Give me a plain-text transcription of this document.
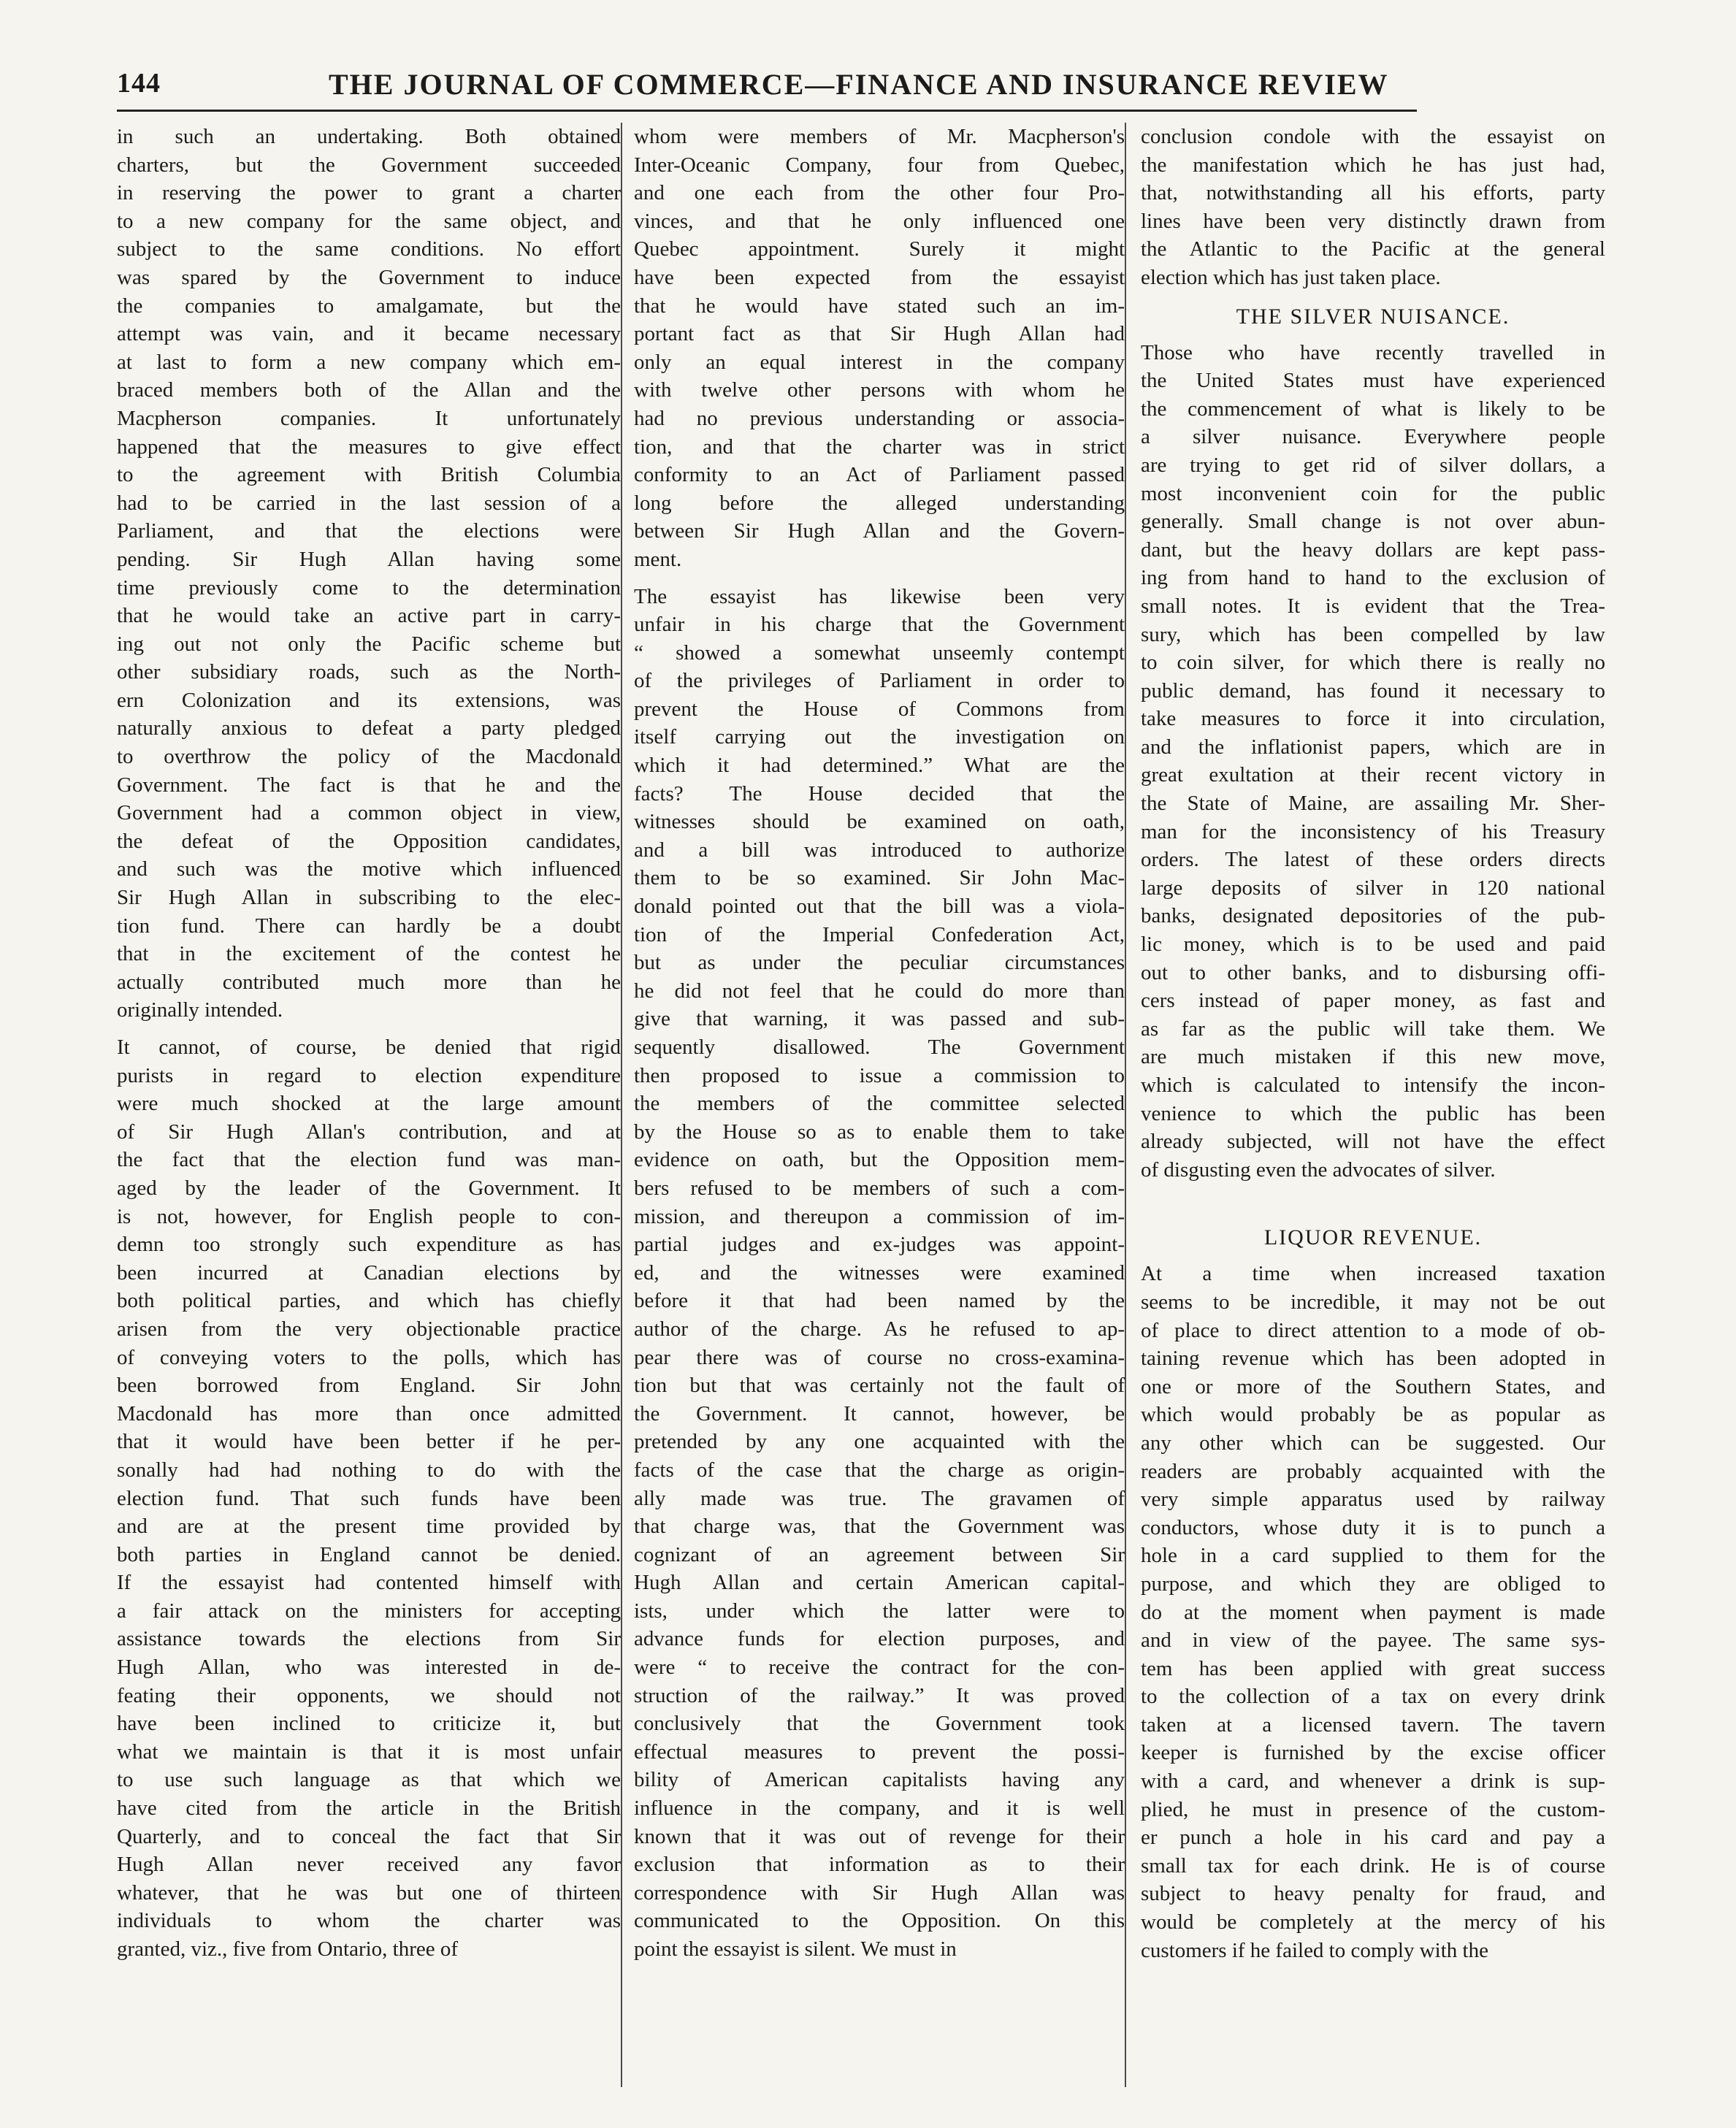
144	THE JOURNAL OF COMMERCE—FINANCE AND INSURANCE REVIEW
in such an undertaking. Both obtained
charters, but the Government succeeded
in reserving the power to grant a charter
to a new company for the same object, and
subject to the same conditions. No effort
was spared by the Government to induce
the companies to amalgamate, but the
attempt was vain, and it became necessary
at last to form a new company which em-
braced members both of the Allan and the
Macpherson companies. It unfortunately
happened that the measures to give effect
to the agreement with British Columbia
had to be carried in the last session of a
Parliament, and that the elections were
pending. Sir Hugh Allan having some
time previously come to the determination
that he would take an active part in carry-
ing out not only the Pacific scheme but
other subsidiary roads, such as the North-
ern Colonization and its extensions, was
naturally anxious to defeat a party pledged
to overthrow the policy of the Macdonald
Government. The fact is that he and the
Government had a common object in view,
the defeat of the Opposition candidates,
and such was the motive which influenced
Sir Hugh Allan in subscribing to the elec-
tion fund. There can hardly be a doubt
that in the excitement of the contest he
actually contributed much more than he
originally intended.
It cannot, of course, be denied that rigid
purists in regard to election expenditure
were much shocked at the large amount
of Sir Hugh Allan's contribution, and at
the fact that the election fund was man-
aged by the leader of the Government. It
is not, however, for English people to con-
demn too strongly such expenditure as has
been incurred at Canadian elections by
both political parties, and which has chiefly
arisen from the very objectionable practice
of conveying voters to the polls, which has
been borrowed from England. Sir John
Macdonald has more than once admitted
that it would have been better if he per-
sonally had had nothing to do with the
election fund. That such funds have been
and are at the present time provided by
both parties in England cannot be denied.
If the essayist had contented himself with
a fair attack on the ministers for accepting
assistance towards the elections from Sir
Hugh Allan, who was interested in de-
feating their opponents, we should not
have been inclined to criticize it, but
what we maintain is that it is most unfair
to use such language as that which we
have cited from the article in the British
Quarterly, and to conceal the fact that Sir
Hugh Allan never received any favor
whatever, that he was but one of thirteen
individuals to whom the charter was
granted, viz., five from Ontario, three of
whom were members of Mr. Macpherson's
Inter-Oceanic Company, four from Quebec,
and one each from the other four Pro-
vinces, and that he only influenced one
Quebec appointment. Surely it might
have been expected from the essayist
that he would have stated such an im-
portant fact as that Sir Hugh Allan had
only an equal interest in the company
with twelve other persons with whom he
had no previous understanding or associa-
tion, and that the charter was in strict
conformity to an Act of Parliament passed
long before the alleged understanding
between Sir Hugh Allan and the Govern-
ment.
The essayist has likewise been very
unfair in his charge that the Government
“ showed a somewhat unseemly contempt
of the privileges of Parliament in order to
prevent the House of Commons from
itself carrying out the investigation on
which it had determined.” What are the
facts? The House decided that the
witnesses should be examined on oath,
and a bill was introduced to authorize
them to be so examined. Sir John Mac-
donald pointed out that the bill was a viola-
tion of the Imperial Confederation Act,
but as under the peculiar circumstances
he did not feel that he could do more than
give that warning, it was passed and sub-
sequently disallowed. The Government
then proposed to issue a commission to
the members of the committee selected
by the House so as to enable them to take
evidence on oath, but the Opposition mem-
bers refused to be members of such a com-
mission, and thereupon a commission of im-
partial judges and ex-judges was appoint-
ed, and the witnesses were examined
before it that had been named by the
author of the charge. As he refused to ap-
pear there was of course no cross-examina-
tion but that was certainly not the fault of
the Government. It cannot, however, be
pretended by any one acquainted with the
facts of the case that the charge as origin-
ally made was true. The gravamen of
that charge was, that the Government was
cognizant of an agreement between Sir
Hugh Allan and certain American capital-
ists, under which the latter were to
advance funds for election purposes, and
were “ to receive the contract for the con-
struction of the railway.” It was proved
conclusively that the Government took
effectual measures to prevent the possi-
bility of American capitalists having any
influence in the company, and it is well
known that it was out of revenge for their
exclusion that information as to their
correspondence with Sir Hugh Allan was
communicated to the Opposition. On this
point the essayist is silent. We must in
conclusion condole with the essayist on
the manifestation which he has just had,
that, notwithstanding all his efforts, party
lines have been very distinctly drawn from
the Atlantic to the Pacific at the general
election which has just taken place.
THE SILVER NUISANCE.
Those who have recently travelled in
the United States must have experienced
the commencement of what is likely to be
a silver nuisance. Everywhere people
are trying to get rid of silver dollars, a
most inconvenient coin for the public
generally. Small change is not over abun-
dant, but the heavy dollars are kept pass-
ing from hand to hand to the exclusion of
small notes. It is evident that the Trea-
sury, which has been compelled by law
to coin silver, for which there is really no
public demand, has found it necessary to
take measures to force it into circulation,
and the inflationist papers, which are in
great exultation at their recent victory in
the State of Maine, are assailing Mr. Sher-
man for the inconsistency of his Treasury
orders. The latest of these orders directs
large deposits of silver in 120 national
banks, designated depositories of the pub-
lic money, which is to be used and paid
out to other banks, and to disbursing offi-
cers instead of paper money, as fast and
as far as the public will take them. We
are much mistaken if this new move,
which is calculated to intensify the incon-
venience to which the public has been
already subjected, will not have the effect
of disgusting even the advocates of silver.
LIQUOR REVENUE.
At a time when increased taxation
seems to be incredible, it may not be out
of place to direct attention to a mode of ob-
taining revenue which has been adopted in
one or more of the Southern States, and
which would probably be as popular as
any other which can be suggested. Our
readers are probably acquainted with the
very simple apparatus used by railway
conductors, whose duty it is to punch a
hole in a card supplied to them for the
purpose, and which they are obliged to
do at the moment when payment is made
and in view of the payee. The same sys-
tem has been applied with great success
to the collection of a tax on every drink
taken at a licensed tavern. The tavern
keeper is furnished by the excise officer
with a card, and whenever a drink is sup-
plied, he must in presence of the custom-
er punch a hole in his card and pay a
small tax for each drink. He is of course
subject to heavy penalty for fraud, and
would be completely at the mercy of his
customers if he failed to comply with the
